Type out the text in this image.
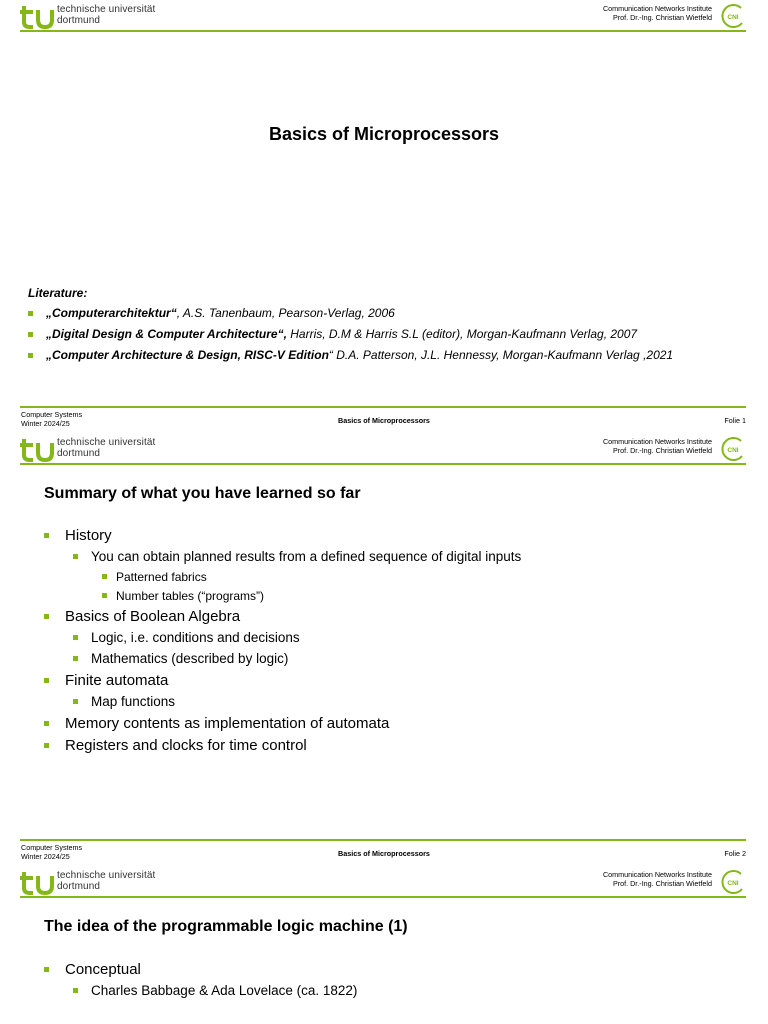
technische universität
dortmund
Communication Networks Institute
Prof. Dr.-Ing. Christian Wietfeld CNI
Basics of Microprocessors
Literature:
„Computerarchitektur“, A.S. Tanenbaum, Pearson-Verlag, 2006
„Digital Design & Computer Architecture“, Harris, D.M & Harris S.L (editor), Morgan-Kaufmann Verlag, 2007
„Computer Architecture & Design, RISC-V Edition“ D.A. Patterson, J.L. Hennessy, Morgan-Kaufmann Verlag ,2021
Computer Systems
Winter 2024/25	Basics of Microprocessors	Folie 1
technische universität
dortmund
Communication Networks Institute
Prof. Dr.-Ing. Christian Wietfeld CNI
Summary of what you have learned so far
History
You can obtain planned results from a defined sequence of digital inputs
Patterned fabrics
Number tables (“programs”)
Basics of Boolean Algebra
Logic, i.e. conditions and decisions
Mathematics (described by logic)
Finite automata
Map functions
Memory contents as implementation of automata
Registers and clocks for time control
Computer Systems
Winter 2024/25	Basics of Microprocessors	Folie 2
technische universität
dortmund
Communication Networks Institute
Prof. Dr.-Ing. Christian Wietfeld CNI
The idea of the programmable logic machine (1)
Conceptual
Charles Babbage & Ada Lovelace (ca. 1822)
